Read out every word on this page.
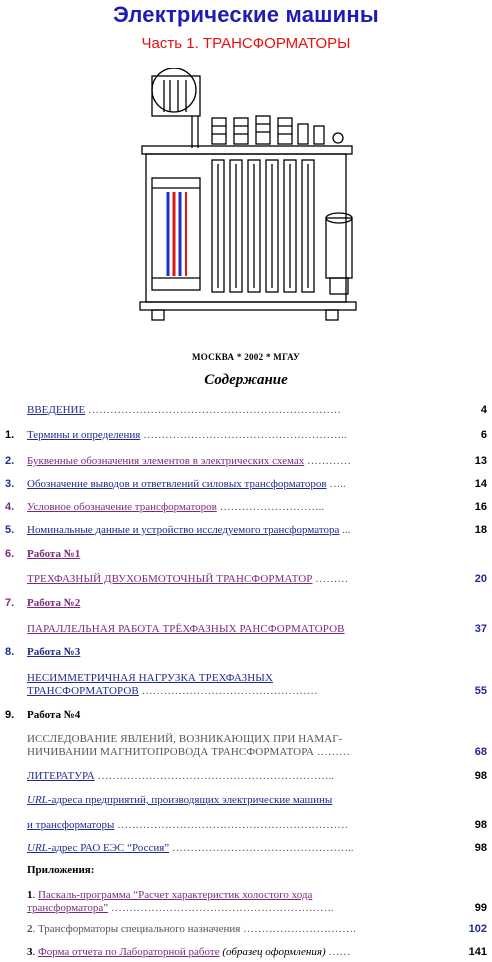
Электрические машины
Часть 1. ТРАНСФОРМАТОРЫ
МОСКВА * 2002 * МГАУ
Содержание
ВВЕДЕНИЕ ……………………………………………………………	4
1. Термины и определения ………………………………………………..	6
2. Буквенные обозначения элементов в электрических схемах …………	13
3. Обозначение выводов и ответвлений силовых трансформаторов …..	14
4. Условное обозначение трансформаторов ………………………..	16
5. Номинальные данные и устройство исследуемого трансформатора ...	18
6. Работа №1
ТРЕХФАЗНЫЙ ДВУХОБМОТОЧНЫЙ ТРАНСФОРМАТОР ………	20
7. Работа №2
ПАРАЛЛЕЛЬНАЯ РАБОТА ТРЁХФАЗНЫХ РАНСФОРМАТОРОВ	37
8. Работа №3
НЕСИММЕТРИЧНАЯ НАГРУЗКА ТРЕХФАЗНЫХ
ТРАНСФОРМАТОРОВ …………………………………………	55
9. Работа №4
ИССЛЕДОВАНИЕ ЯВЛЕНИЙ, ВОЗНИКАЮЩИХ ПРИ НАМАГ-
НИЧИВАНИИ МАГНИТОПРОВОДА ТРАНСФОРМАТОРА ………	68
ЛИТЕРАТУРА ………………………………………………………..	98
URL-адреса предприятий, производящих электрические машины
и трансформаторы ………………………………………………………	98
URL-адрес РАО ЕЭС “Россия” …………………………………………..	98
Приложения:
1. Паскаль-программа “Расчет характеристик холостого хода
трансформатора” …………………………………………………….	99
2. Трансформаторы специального назначения ………………………….	102
3. Форма отчета по Лабораторной работе (образец оформления) ……	141
